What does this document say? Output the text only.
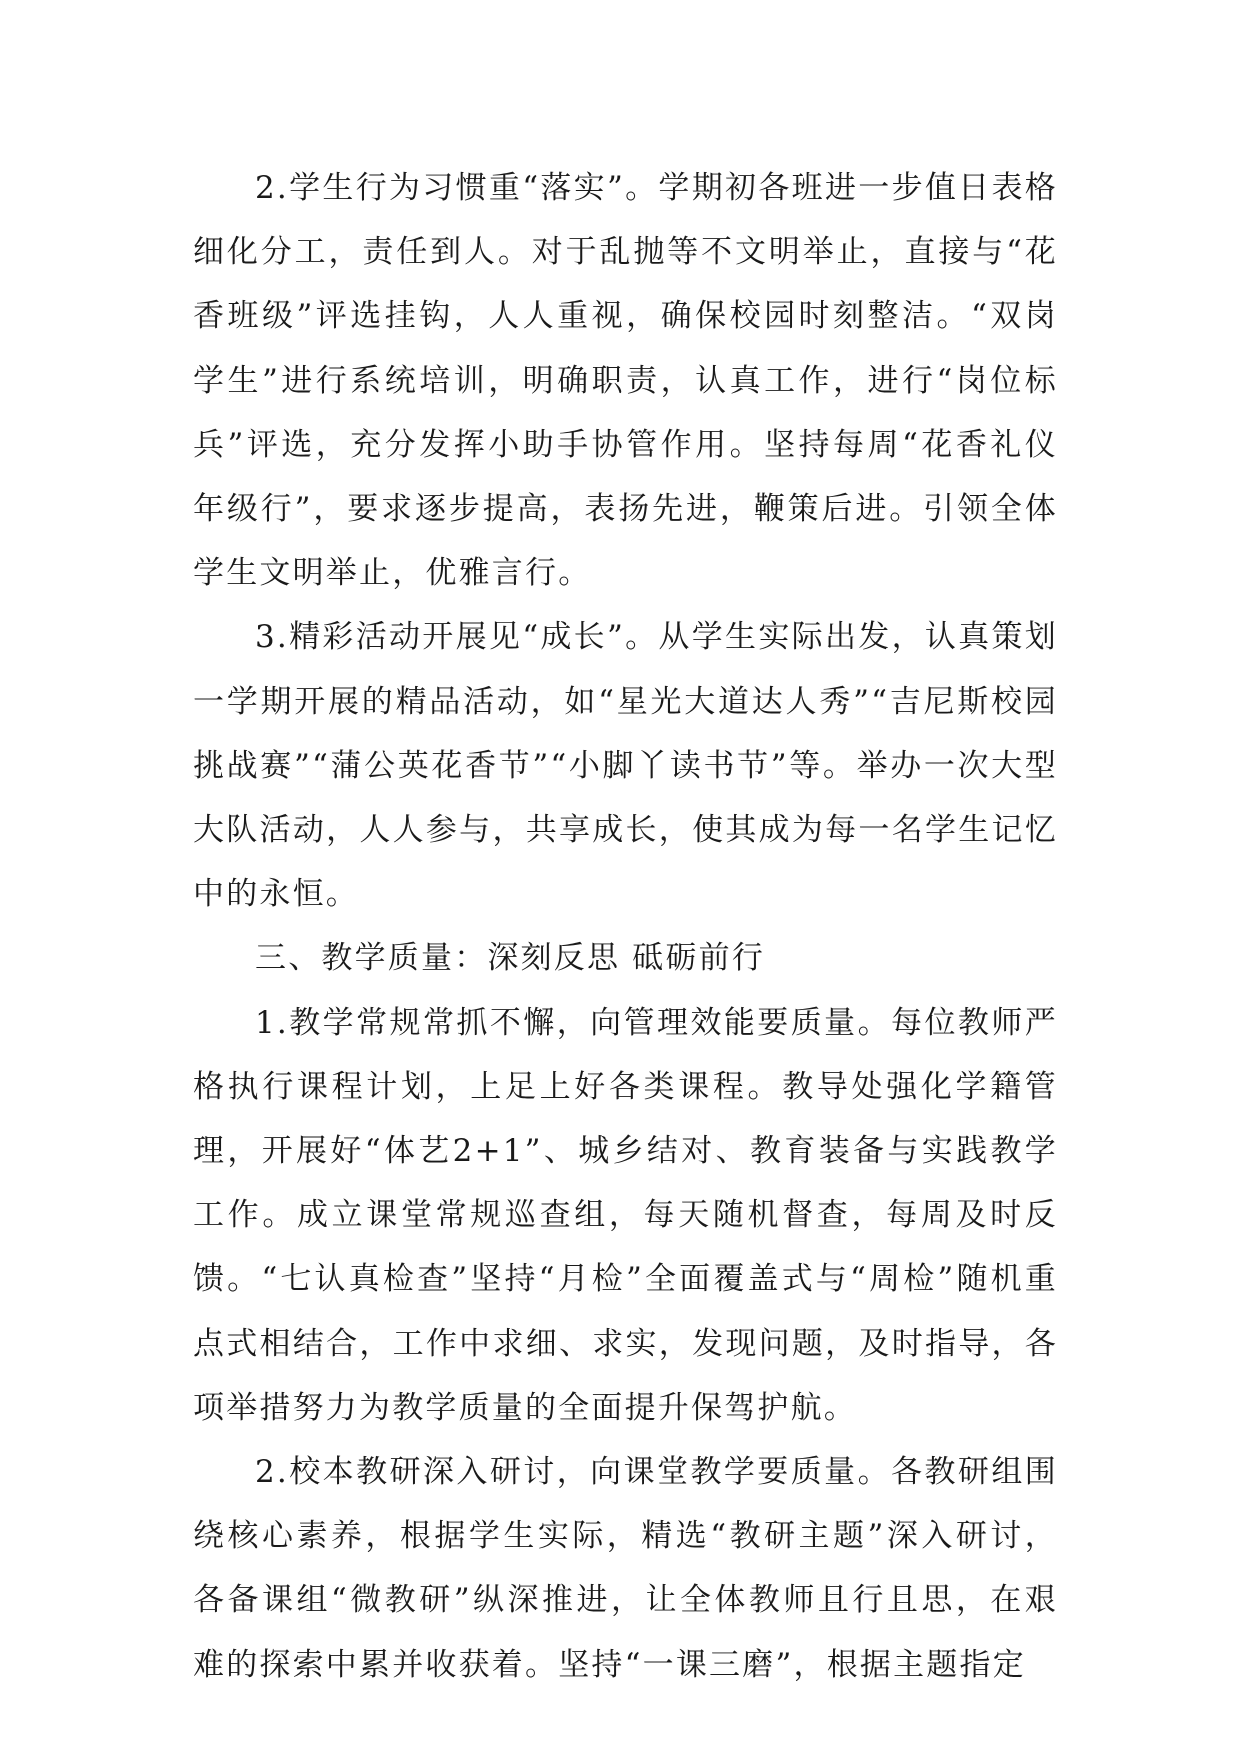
2.学生行为习惯重“落实”。学期初各班进一步值日表格细化分工，责任到人。对于乱抛等不文明举止，直接与“花香班级”评选挂钩，人人重视，确保校园时刻整洁。“双岗学生”进行系统培训，明确职责，认真工作，进行“岗位标兵”评选，充分发挥小助手协管作用。坚持每周“花香礼仪年级行”，要求逐步提高，表扬先进，鞭策后进。引领全体学生文明举止，优雅言行。

3.精彩活动开展见“成长”。从学生实际出发，认真策划一学期开展的精品活动，如“星光大道达人秀”“吉尼斯校园挑战赛”“蒲公英花香节”“小脚丫读书节”等。举办一次大型大队活动，人人参与，共享成长，使其成为每一名学生记忆中的永恒。

三、教学质量：深刻反思 砥砺前行

1.教学常规常抓不懈，向管理效能要质量。每位教师严格执行课程计划，上足上好各类课程。教导处强化学籍管理，开展好“体艺2+1”、城乡结对、教育装备与实践教学工作。成立课堂常规巡查组，每天随机督查，每周及时反馈。“七认真检查”坚持“月检”全面覆盖式与“周检”随机重点式相结合，工作中求细、求实，发现问题，及时指导，各项举措努力为教学质量的全面提升保驾护航。

2.校本教研深入研讨，向课堂教学要质量。各教研组围绕核心素养，根据学生实际，精选“教研主题”深入研讨，各备课组“微教研”纵深推进，让全体教师且行且思，在艰难的探索中累并收获着。坚持“一课三磨”，根据主题指定
